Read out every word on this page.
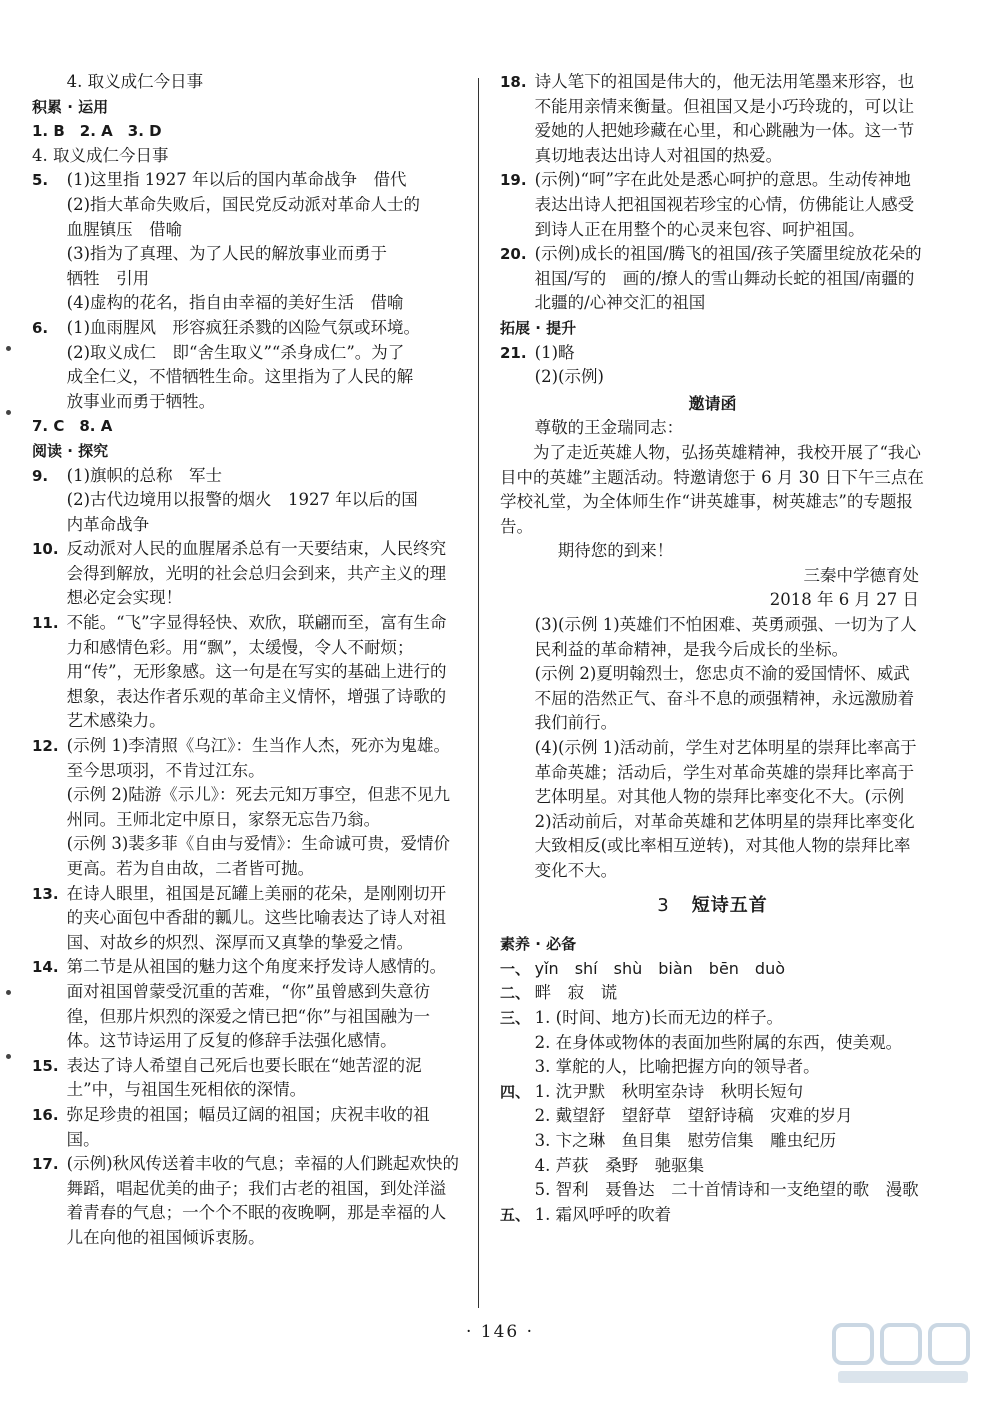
4. 取义成仁今日事
积累 · 运用
1. B　2. A　3. D
4. 取义成仁今日事
5. (1)这里指 1927 年以后的国内革命战争　借代
(2)指大革命失败后，国民党反动派对革命人士的
血腥镇压　借喻
(3)指为了真理、为了人民的解放事业而勇于
牺牲　引用
(4)虚构的花名，指自由幸福的美好生活　借喻
6. (1)血雨腥风　形容疯狂杀戮的凶险气氛或环境。
(2)取义成仁　即“舍生取义”“杀身成仁”。为了
成全仁义，不惜牺牲生命。这里指为了人民的解
放事业而勇于牺牲。
7. C　8. A
阅读 · 探究
9. (1)旗帜的总称　军士
(2)古代边境用以报警的烟火　1927 年以后的国
内革命战争
10. 反动派对人民的血腥屠杀总有一天要结束，人民终究会得到解放，光明的社会总归会到来，共产主义的理想必定会实现！
11. 不能。“飞”字显得轻快、欢欣，联翩而至，富有生命力和感情色彩。用“飘”，太缓慢，令人不耐烦；用“传”，无形象感。这一句是在写实的基础上进行的想象，表达作者乐观的革命主义情怀，增强了诗歌的艺术感染力。
12. (示例 1)李清照《乌江》：生当作人杰，死亦为鬼雄。至今思项羽，不肯过江东。
(示例 2)陆游《示儿》：死去元知万事空，但悲不见九州同。王师北定中原日，家祭无忘告乃翁。
(示例 3)裴多菲《自由与爱情》：生命诚可贵，爱情价更高。若为自由故，二者皆可抛。
13. 在诗人眼里，祖国是瓦罐上美丽的花朵，是刚刚切开的夹心面包中香甜的瓤儿。这些比喻表达了诗人对祖国、对故乡的炽烈、深厚而又真挚的挚爱之情。
14. 第二节是从祖国的魅力这个角度来抒发诗人感情的。面对祖国曾蒙受沉重的苦难，“你”虽曾感到失意彷徨，但那片炽烈的深爱之情已把“你”与祖国融为一体。这节诗运用了反复的修辞手法强化感情。
15. 表达了诗人希望自己死后也要长眠在“她苦涩的泥土”中，与祖国生死相依的深情。
16. 弥足珍贵的祖国；幅员辽阔的祖国；庆祝丰收的祖国。
17. (示例)秋风传送着丰收的气息；幸福的人们跳起欢快的舞蹈，唱起优美的曲子；我们古老的祖国，到处洋溢着青春的气息；一个个不眠的夜晚啊，那是幸福的人儿在向他的祖国倾诉衷肠。
18. 诗人笔下的祖国是伟大的，他无法用笔墨来形容，也不能用亲情来衡量。但祖国又是小巧玲珑的，可以让爱她的人把她珍藏在心里，和心跳融为一体。这一节真切地表达出诗人对祖国的热爱。
19. (示例)“呵”字在此处是悉心呵护的意思。生动传神地表达出诗人把祖国视若珍宝的心情，仿佛能让人感受到诗人正在用整个的心灵来包容、呵护祖国。
20. (示例)成长的祖国/腾飞的祖国/孩子笑靥里绽放花朵的祖国/写的　画的/撩人的雪山舞动长蛇的祖国/南疆的　北疆的/心神交汇的祖国
拓展 · 提升
21. (1)略
(2)(示例)
邀请函
尊敬的王金瑞同志：
为了走近英雄人物，弘扬英雄精神，我校开展了“我心目中的英雄”主题活动。特邀请您于 6 月 30 日下午三点在学校礼堂，为全体师生作“讲英雄事，树英雄志”的专题报告。
期待您的到来！
三秦中学德育处
2018 年 6 月 27 日
(3)(示例 1)英雄们不怕困难、英勇顽强、一切为了人民利益的革命精神，是我今后成长的坐标。
(示例 2)夏明翰烈士，您忠贞不渝的爱国情怀、威武不屈的浩然正气、奋斗不息的顽强精神，永远激励着我们前行。
(4)(示例 1)活动前，学生对艺体明星的崇拜比率高于革命英雄；活动后，学生对革命英雄的崇拜比率高于艺体明星。对其他人物的崇拜比率变化不大。(示例 2)活动前后，对革命英雄和艺体明星的崇拜比率变化大致相反(或比率相互逆转)，对其他人物的崇拜比率变化不大。
3 短诗五首
素养 · 必备
一、 yǐn　shí　shù　biàn　bēn　duò
二、 畔　寂　谎
三、 1. (时间、地方)长而无边的样子。
2. 在身体或物体的表面加些附属的东西，使美观。
3. 掌舵的人，比喻把握方向的领导者。
四、 1. 沈尹默　秋明室杂诗　秋明长短句
2. 戴望舒　望舒草　望舒诗稿　灾难的岁月
3. 卞之琳　鱼目集　慰劳信集　雕虫纪历
4. 芦荻　桑野　驰驱集
5. 智利　聂鲁达　二十首情诗和一支绝望的歌　漫歌
五、 1. 霜风呼呼的吹着
· 146 ·
